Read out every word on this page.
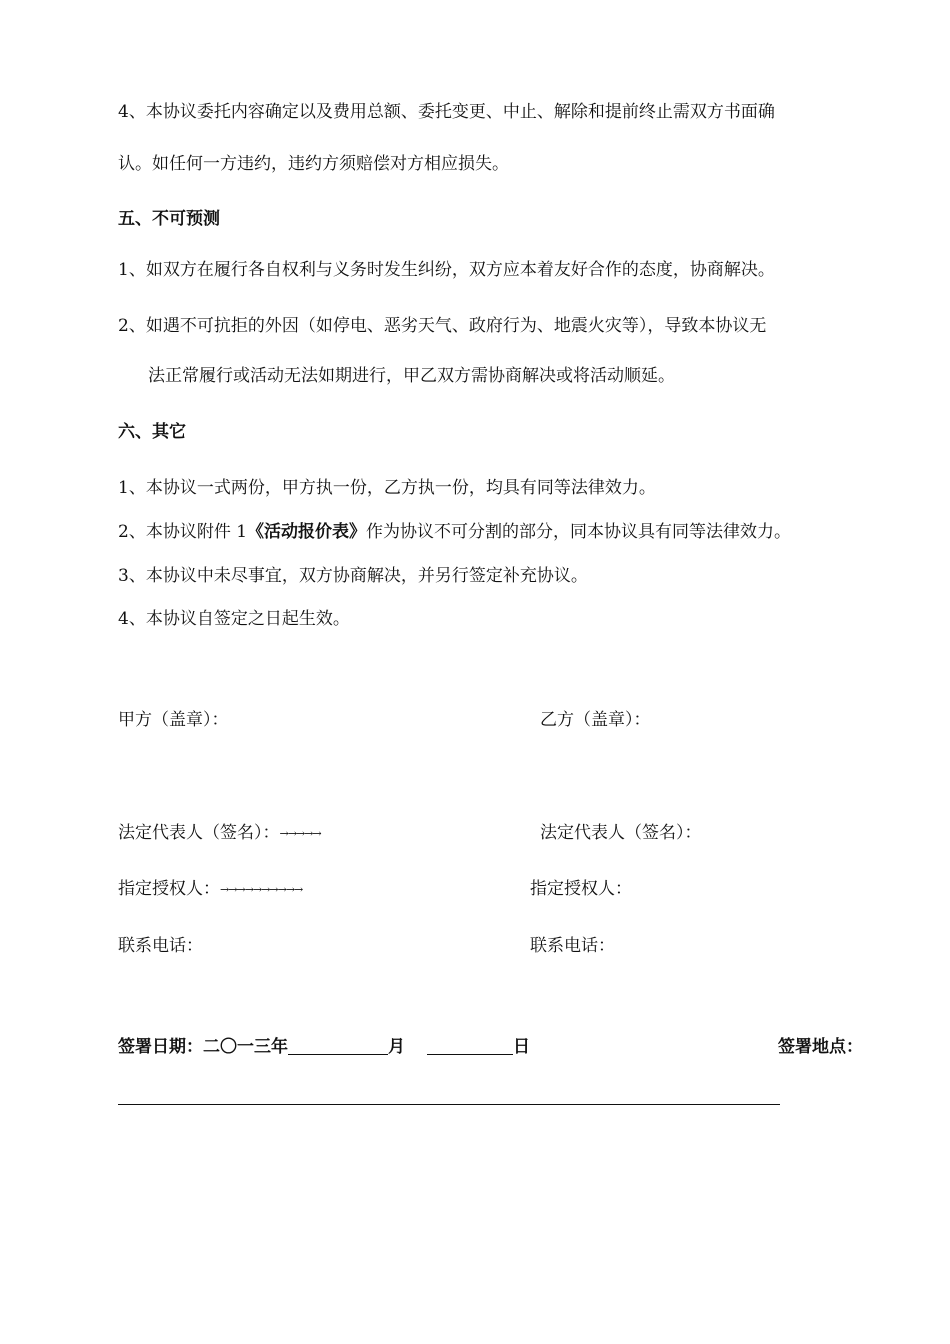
4、本协议委托内容确定以及费用总额、委托变更、中止、解除和提前终止需双方书面确
认。如任何一方违约，违约方须赔偿对方相应损失。
五、不可预测
1、如双方在履行各自权利与义务时发生纠纷，双方应本着友好合作的态度，协商解决。
2、如遇不可抗拒的外因（如停电、恶劣天气、政府行为、地震火灾等），导致本协议无
法正常履行或活动无法如期进行，甲乙双方需协商解决或将活动顺延。
六、其它
1、本协议一式两份，甲方执一份，乙方执一份，均具有同等法律效力。
2、本协议附件 1《活动报价表》作为协议不可分割的部分，同本协议具有同等法律效力。
3、本协议中未尽事宜，双方协商解决，并另行签定补充协议。
4、本协议自签定之日起生效。
甲方（盖章）：	乙方（盖章）：
法定代表人（签名）：→→→→→	法定代表人（签名）：
指定授权人：→→→→→→→→→→	指定授权人：
联系电话：	联系电话：
签署日期：二〇一三年	月	日	签署地点：
